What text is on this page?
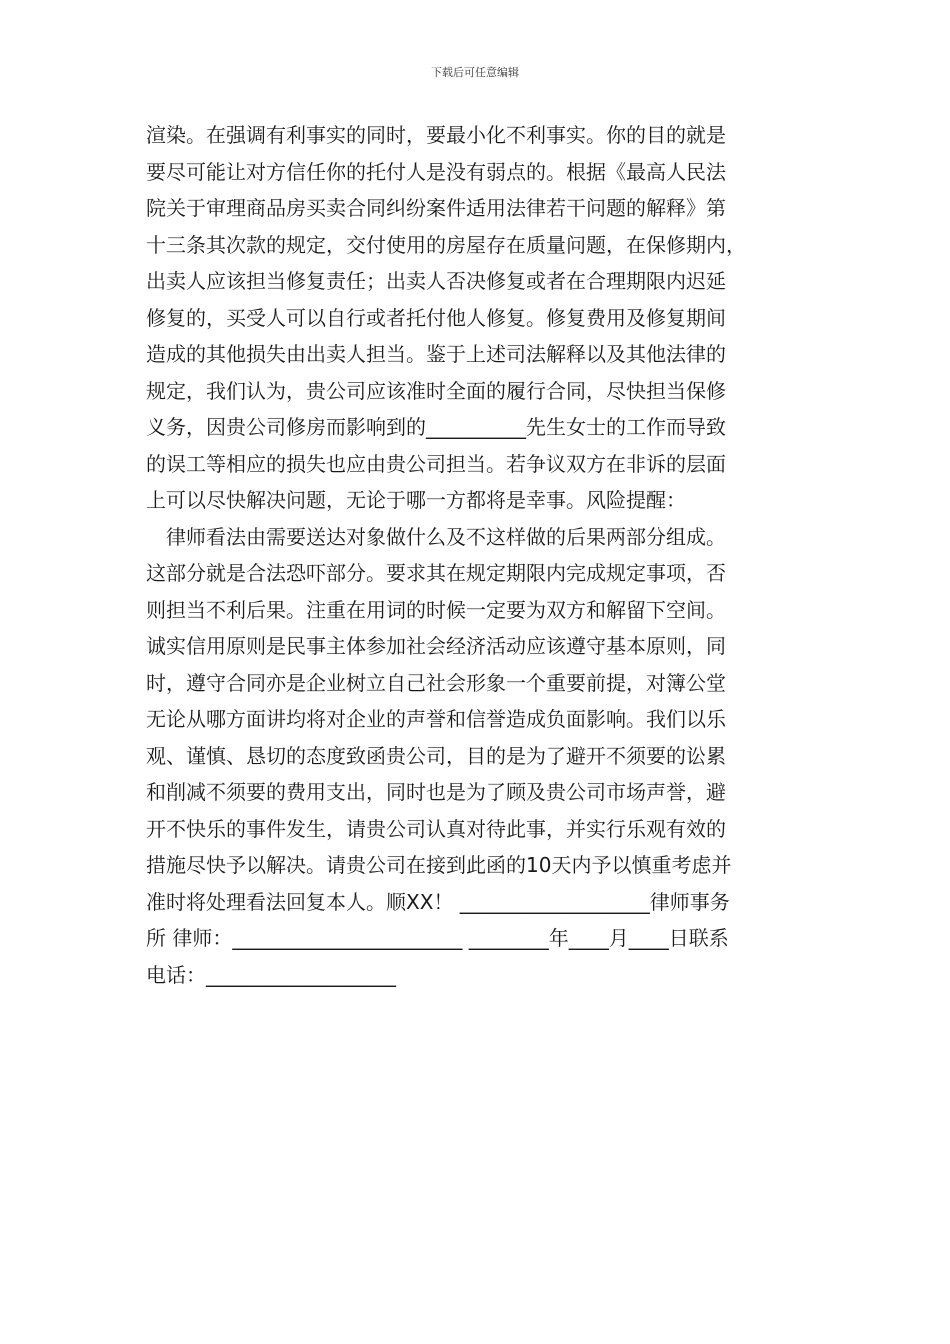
下载后可任意编辑
渲染。在强调有利事实的同时，要最小化不利事实。你的目的就是
要尽可能让对方信任你的托付人是没有弱点的。根据《最高人民法
院关于审理商品房买卖合同纠纷案件适用法律若干问题的解释》第
十三条其次款的规定，交付使用的房屋存在质量问题，在保修期内，
出卖人应该担当修复责任；出卖人否决修复或者在合理期限内迟延
修复的，买受人可以自行或者托付他人修复。修复费用及修复期间
造成的其他损失由出卖人担当。鉴于上述司法解释以及其他法律的
规定，我们认为，贵公司应该准时全面的履行合同，尽快担当保修
义务，因贵公司修房而影响到的__________先生女士的工作而导致
的误工等相应的损失也应由贵公司担当。若争议双方在非诉的层面
上可以尽快解决问题，无论于哪一方都将是幸事。风险提醒：
律师看法由需要送达对象做什么及不这样做的后果两部分组成。
这部分就是合法恐吓部分。要求其在规定期限内完成规定事项，否
则担当不利后果。注重在用词的时候一定要为双方和解留下空间。
诚实信用原则是民事主体参加社会经济活动应该遵守基本原则，同
时，遵守合同亦是企业树立自己社会形象一个重要前提，对簿公堂
无论从哪方面讲均将对企业的声誉和信誉造成负面影响。我们以乐
观、谨慎、恳切的态度致函贵公司，目的是为了避开不须要的讼累
和削减不须要的费用支出，同时也是为了顾及贵公司市场声誉，避
开不快乐的事件发生，请贵公司认真对待此事，并实行乐观有效的
措施尽快予以解决。请贵公司在接到此函的10天内予以慎重考虑并
准时将处理看法回复本人。顺XX！ ___________________律师事务
所 律师：_______________________ ________年____月____日联系
电话：___________________
